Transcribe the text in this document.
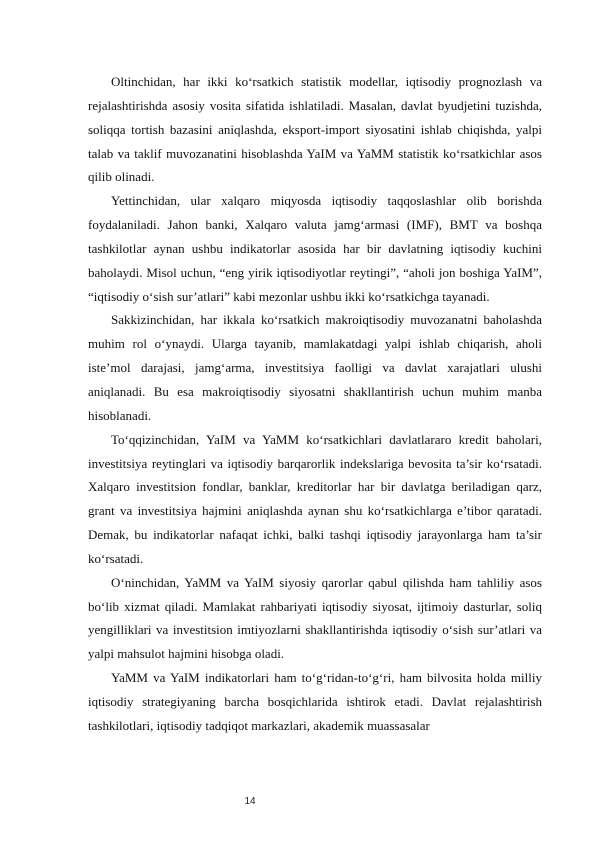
Oltinchidan, har ikki ko‘rsatkich statistik modellar, iqtisodiy prognozlash va rejalashtirishda asosiy vosita sifatida ishlatiladi. Masalan, davlat byudjetini tuzishda, soliqqa tortish bazasini aniqlashda, eksport-import siyosatini ishlab chiqishda, yalpi talab va taklif muvozanatini hisoblashda YaIM va YaMM statistik ko‘rsatkichlar asos qilib olinadi.

Yettinchidan, ular xalqaro miqyosda iqtisodiy taqqoslashlar olib borishda foydalaniladi. Jahon banki, Xalqaro valuta jamg‘armasi (IMF), BMT va boshqa tashkilotlar aynan ushbu indikatorlar asosida har bir davlatning iqtisodiy kuchini baholaydi. Misol uchun, “eng yirik iqtisodiyotlar reytingi”, “aholi jon boshiga YaIM”, “iqtisodiy o‘sish sur’atlari” kabi mezonlar ushbu ikki ko‘rsatkichga tayanadi.

Sakkizinchidan, har ikkala ko‘rsatkich makroiqtisodiy muvozanatni baholashda muhim rol o‘ynaydi. Ularga tayanib, mamlakatdagi yalpi ishlab chiqarish, aholi iste’mol darajasi, jamg‘arma, investitsiya faolligi va davlat xarajatlari ulushi aniqlanadi. Bu esa makroiqtisodiy siyosatni shakllantirish uchun muhim manba hisoblanadi.

To‘qqizinchidan, YaIM va YaMM ko‘rsatkichlari davlatlararo kredit baholari, investitsiya reytinglari va iqtisodiy barqarorlik indekslariga bevosita ta’sir ko‘rsatadi. Xalqaro investitsion fondlar, banklar, kreditorlar har bir davlatga beriladigan qarz, grant va investitsiya hajmini aniqlashda aynan shu ko‘rsatkichlarga e’tibor qaratadi. Demak, bu indikatorlar nafaqat ichki, balki tashqi iqtisodiy jarayonlarga ham ta’sir ko‘rsatadi.

O‘ninchidan, YaMM va YaIM siyosiy qarorlar qabul qilishda ham tahliliy asos bo‘lib xizmat qiladi. Mamlakat rahbariyati iqtisodiy siyosat, ijtimoiy dasturlar, soliq yengilliklari va investitsion imtiyozlarni shakllantirishda iqtisodiy o‘sish sur’atlari va yalpi mahsulot hajmini hisobga oladi.

YaMM va YaIM indikatorlari ham to‘g‘ridan-to‘g‘ri, ham bilvosita holda milliy iqtisodiy strategiyaning barcha bosqichlarida ishtirok etadi. Davlat rejalashtirish tashkilotlari, iqtisodiy tadqiqot markazlari, akademik muassasalar

14
